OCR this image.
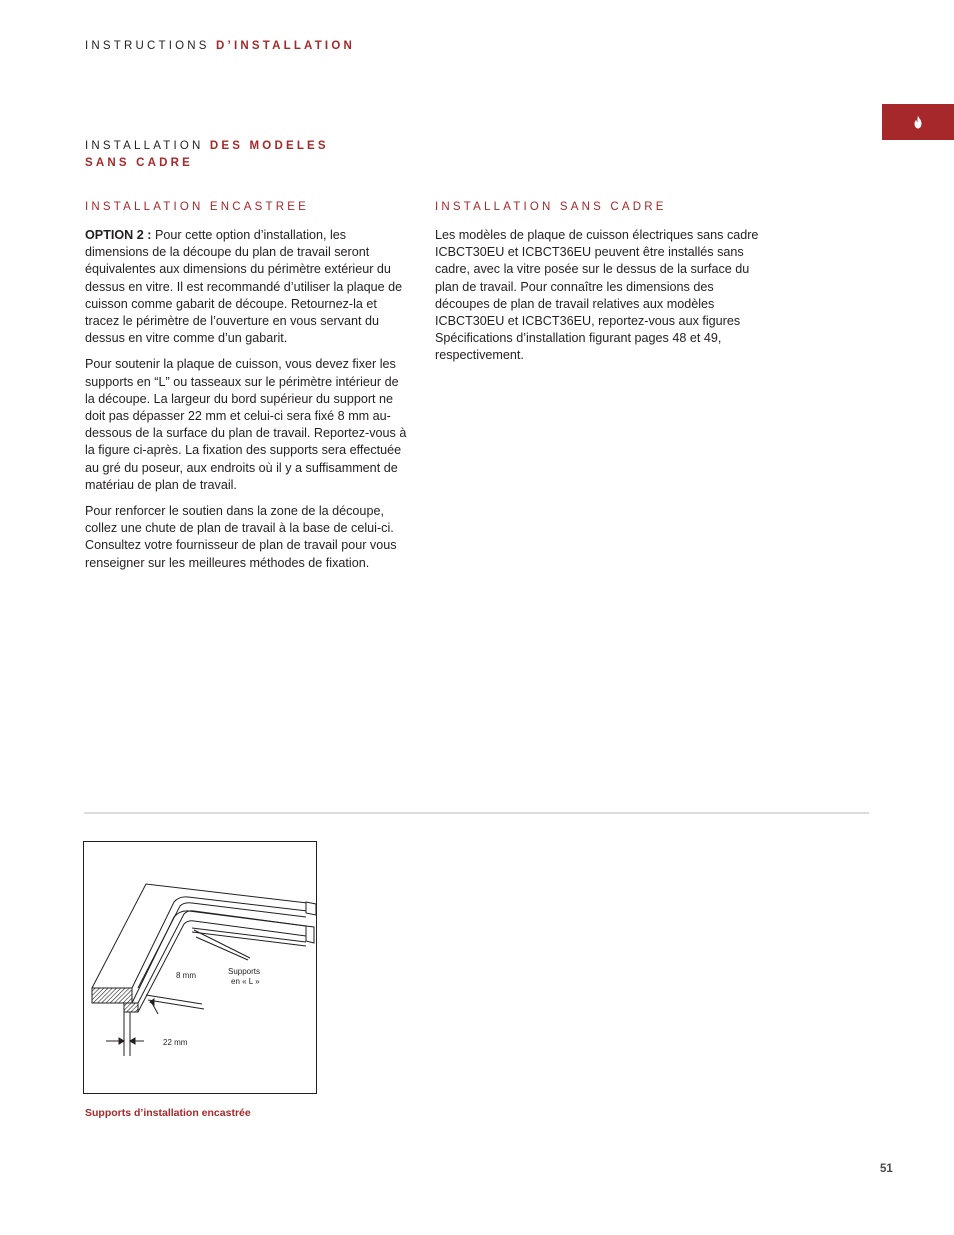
INSTRUCTIONS D’INSTALLATION
INSTALLATION DES MODELES
SANS CADRE
INSTALLATION ENCASTREE

OPTION 2 : Pour cette option d’installation, les dimensions de la découpe du plan de travail seront équivalentes aux dimensions du périmètre extérieur du dessus en vitre. Il est recommandé d’utiliser la plaque de cuisson comme gabarit de découpe. Retournez-la et tracez le périmètre de l’ouverture en vous servant du dessus en vitre comme d’un gabarit.

Pour soutenir la plaque de cuisson, vous devez fixer les supports en “L” ou tasseaux sur le périmètre intérieur de la découpe. La largeur du bord supérieur du support ne doit pas dépasser 22 mm et celui-ci sera fixé 8 mm au-dessous de la surface du plan de travail. Reportez-vous à la figure ci-après. La fixation des supports sera effectuée au gré du poseur, aux endroits où il y a suffisamment de matériau de plan de travail.

Pour renforcer le soutien dans la zone de la découpe, collez une chute de plan de travail à la base de celui-ci. Consultez votre fournisseur de plan de travail pour vous renseigner sur les meilleures méthodes de fixation.

INSTALLATION SANS CADRE

Les modèles de plaque de cuisson électriques sans cadre ICBCT30EU et ICBCT36EU peuvent être installés sans cadre, avec la vitre posée sur le dessus de la surface du plan de travail. Pour connaître les dimensions des découpes de plan de travail relatives aux modèles ICBCT30EU et ICBCT36EU, reportez-vous aux figures Spécifications d’installation figurant pages 48 et 49, respectivement.

8 mm	Supports
en « L »
22 mm
Supports d’installation encastrée
51
